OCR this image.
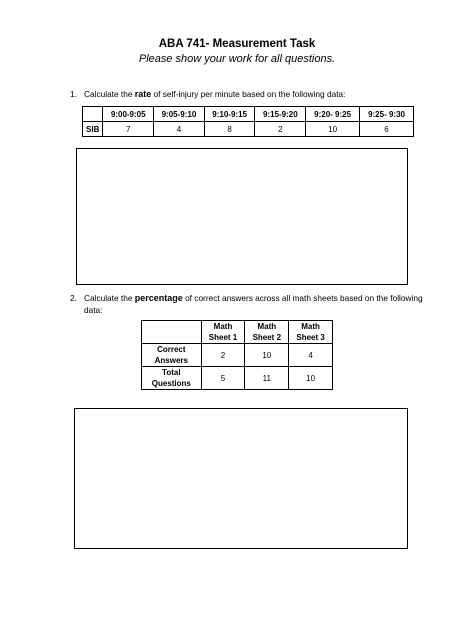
ABA 741- Measurement Task
Please show your work for all questions.
1. Calculate the rate of self-injury per minute based on the following data:
	9:00-9:05	9:05-9:10	9:10-9:15	9:15-9:20	9:20- 9:25	9:25- 9:30
SIB	7	4	8	2	10	6
2. Calculate the percentage of correct answers across all math sheets based on the following data:
	Math
Sheet 1	Math
Sheet 2	Math
Sheet 3
Correct
Answers	2	10	4
Total
Questions	5	11	10
